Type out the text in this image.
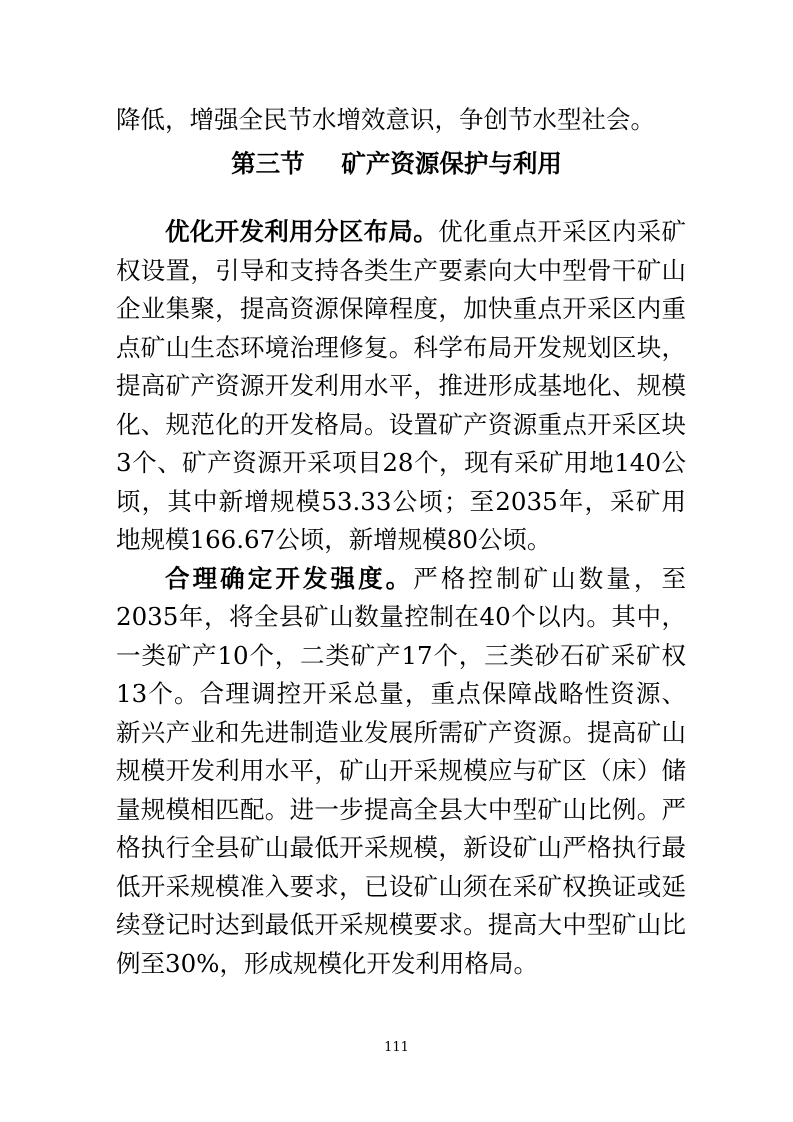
降低，增强全民节水增效意识，争创节水型社会。

第三节 矿产资源保护与利用

优化开发利用分区布局。优化重点开采区内采矿权设置，引导和支持各类生产要素向大中型骨干矿山企业集聚，提高资源保障程度，加快重点开采区内重点矿山生态环境治理修复。科学布局开发规划区块，提高矿产资源开发利用水平，推进形成基地化、规模化、规范化的开发格局。设置矿产资源重点开采区块3个、矿产资源开采项目28个，现有采矿用地140公顷，其中新增规模53.33公顷；至2035年，采矿用地规模166.67公顷，新增规模80公顷。

合理确定开发强度。严格控制矿山数量，至2035年，将全县矿山数量控制在40个以内。其中，一类矿产10个，二类矿产17个，三类砂石矿采矿权13个。合理调控开采总量，重点保障战略性资源、新兴产业和先进制造业发展所需矿产资源。提高矿山规模开发利用水平，矿山开采规模应与矿区（床）储量规模相匹配。进一步提高全县大中型矿山比例。严格执行全县矿山最低开采规模，新设矿山严格执行最低开采规模准入要求，已设矿山须在采矿权换证或延续登记时达到最低开采规模要求。提高大中型矿山比例至30%，形成规模化开发利用格局。

111
